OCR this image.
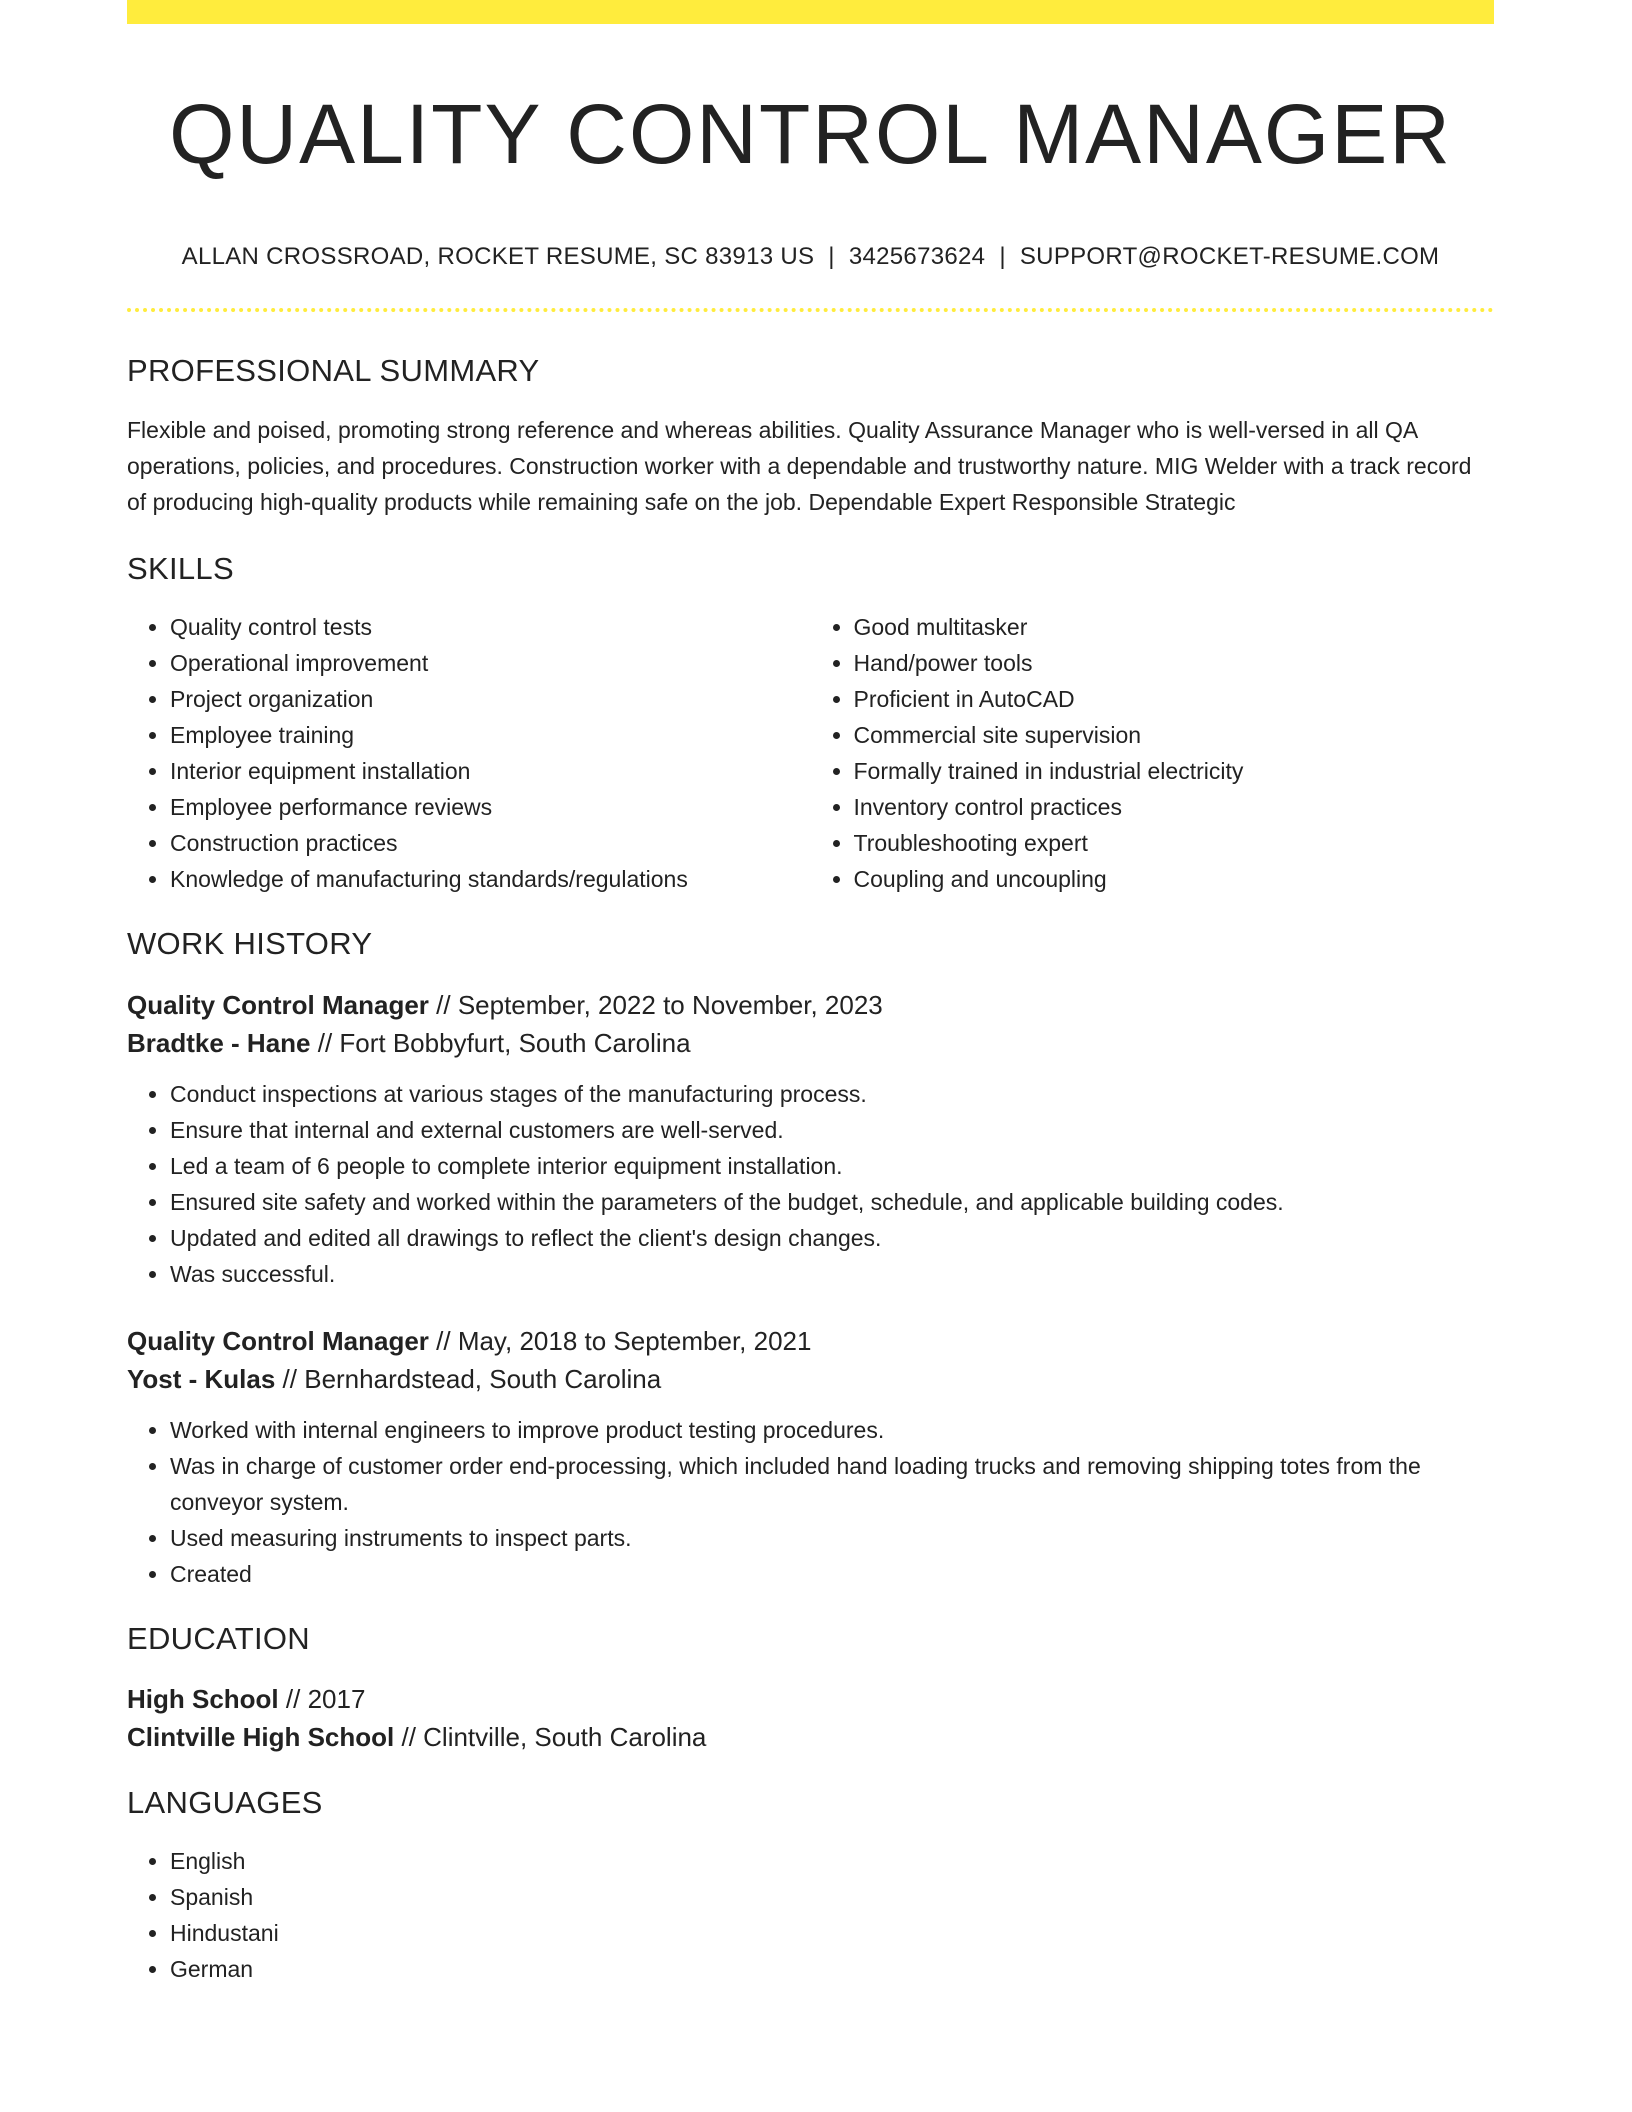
QUALITY CONTROL MANAGER
ALLAN CROSSROAD, ROCKET RESUME, SC 83913 US | 3425673624 | SUPPORT@ROCKET-RESUME.COM
PROFESSIONAL SUMMARY
Flexible and poised, promoting strong reference and whereas abilities. Quality Assurance Manager who is well-versed in all QA operations, policies, and procedures. Construction worker with a dependable and trustworthy nature. MIG Welder with a track record of producing high-quality products while remaining safe on the job. Dependable Expert Responsible Strategic
SKILLS
• Quality control tests
• Operational improvement
• Project organization
• Employee training
• Interior equipment installation
• Employee performance reviews
• Construction practices
• Knowledge of manufacturing standards/regulations
• Good multitasker
• Hand/power tools
• Proficient in AutoCAD
• Commercial site supervision
• Formally trained in industrial electricity
• Inventory control practices
• Troubleshooting expert
• Coupling and uncoupling
WORK HISTORY
Quality Control Manager // September, 2022 to November, 2023
Bradtke - Hane // Fort Bobbyfurt, South Carolina
• Conduct inspections at various stages of the manufacturing process.
• Ensure that internal and external customers are well-served.
• Led a team of 6 people to complete interior equipment installation.
• Ensured site safety and worked within the parameters of the budget, schedule, and applicable building codes.
• Updated and edited all drawings to reflect the client's design changes.
• Was successful.
Quality Control Manager // May, 2018 to September, 2021
Yost - Kulas // Bernhardstead, South Carolina
• Worked with internal engineers to improve product testing procedures.
• Was in charge of customer order end-processing, which included hand loading trucks and removing shipping totes from the conveyor system.
• Used measuring instruments to inspect parts.
• Created
EDUCATION
High School // 2017
Clintville High School // Clintville, South Carolina
LANGUAGES
• English
• Spanish
• Hindustani
• German
